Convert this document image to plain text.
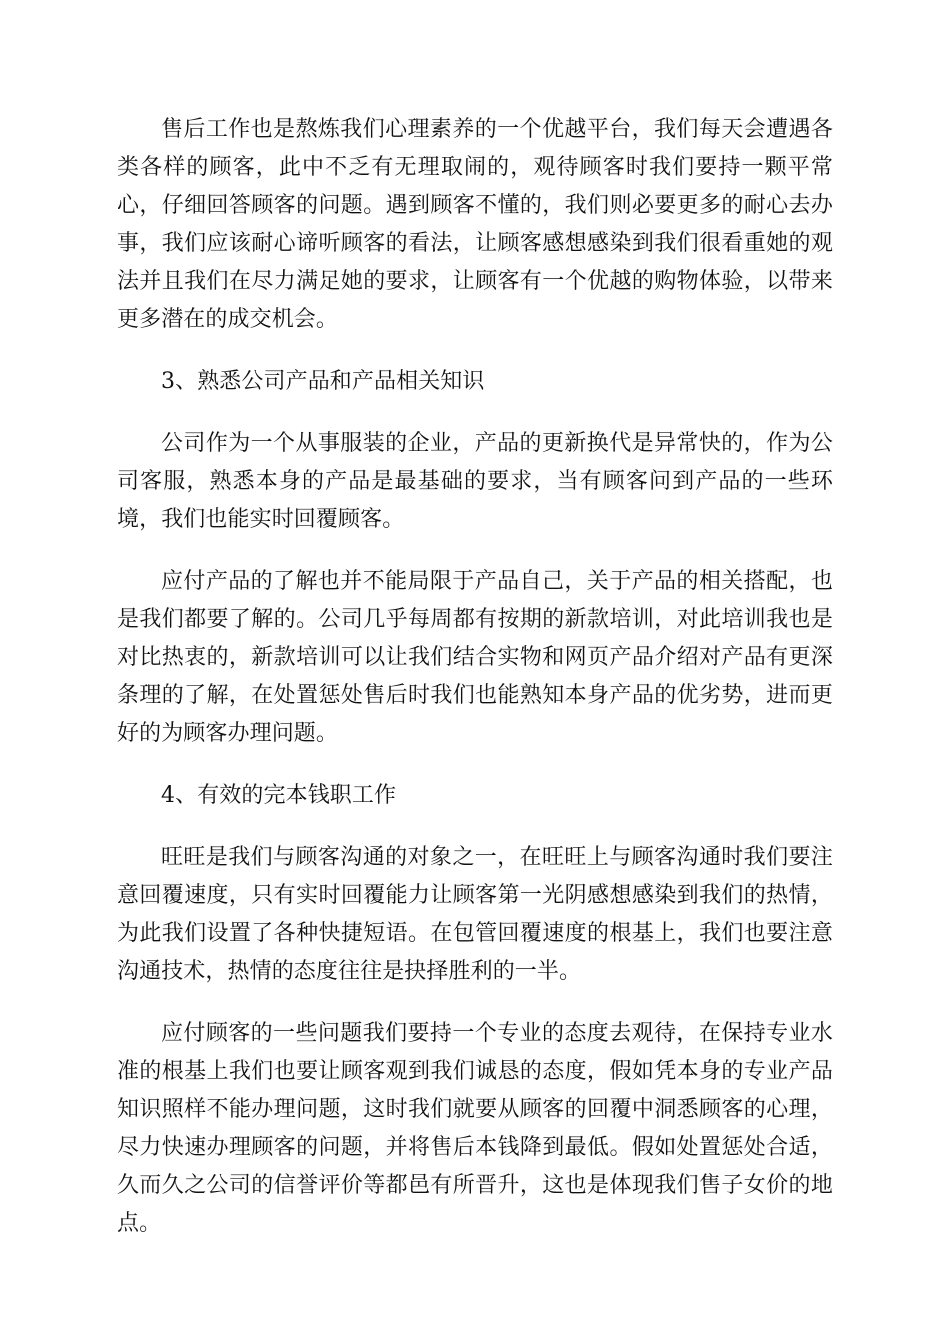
售后工作也是熬炼我们心理素养的一个优越平台，我们每天会遭遇各类各样的顾客，此中不乏有无理取闹的，观待顾客时我们要持一颗平常心，仔细回答顾客的问题。遇到顾客不懂的，我们则必要更多的耐心去办事，我们应该耐心谛听顾客的看法，让顾客感想感染到我们很看重她的观法并且我们在尽力满足她的要求，让顾客有一个优越的购物体验，以带来更多潜在的成交机会。

3、熟悉公司产品和产品相关知识

公司作为一个从事服装的企业，产品的更新换代是异常快的，作为公司客服，熟悉本身的产品是最基础的要求，当有顾客问到产品的一些环境，我们也能实时回覆顾客。

应付产品的了解也并不能局限于产品自己，关于产品的相关搭配，也是我们都要了解的。公司几乎每周都有按期的新款培训，对此培训我也是对比热衷的，新款培训可以让我们结合实物和网页产品介绍对产品有更深条理的了解，在处置惩处售后时我们也能熟知本身产品的优劣势，进而更好的为顾客办理问题。

4、有效的完本钱职工作

旺旺是我们与顾客沟通的对象之一，在旺旺上与顾客沟通时我们要注意回覆速度，只有实时回覆能力让顾客第一光阴感想感染到我们的热情，为此我们设置了各种快捷短语。在包管回覆速度的根基上，我们也要注意沟通技术，热情的态度往往是抉择胜利的一半。

应付顾客的一些问题我们要持一个专业的态度去观待，在保持专业水准的根基上我们也要让顾客观到我们诚恳的态度，假如凭本身的专业产品知识照样不能办理问题，这时我们就要从顾客的回覆中洞悉顾客的心理，尽力快速办理顾客的问题，并将售后本钱降到最低。假如处置惩处合适，久而久之公司的信誉评价等都邑有所晋升，这也是体现我们售子女价的地点。
